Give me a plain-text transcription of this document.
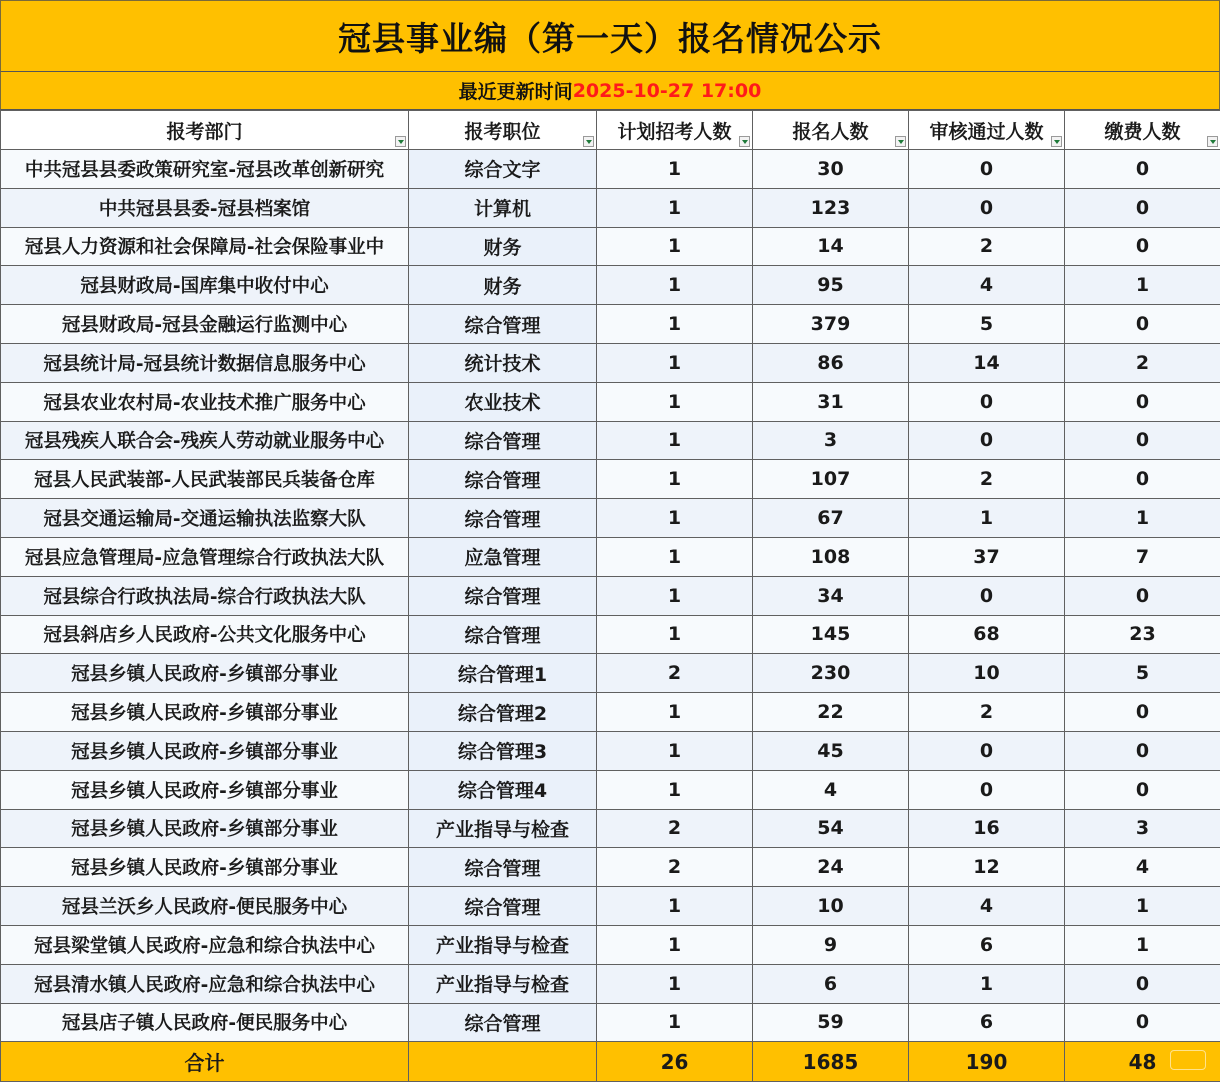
冠县事业编（第一天）报名情况公示
最近更新时间 2025-10-27 17:00
报考部门	报考职位	计划招考人数	报名人数	审核通过人数	缴费人数

中共冠县县委政策研究室-冠县改革创新研究	综合文字	1	30	0	0
中共冠县县委-冠县档案馆	计算机	1	123	0	0
冠县人力资源和社会保障局-社会保险事业中	财务	1	14	2	0
冠县财政局-国库集中收付中心	财务	1	95	4	1
冠县财政局-冠县金融运行监测中心	综合管理	1	379	5	0
冠县统计局-冠县统计数据信息服务中心	统计技术	1	86	14	2
冠县农业农村局-农业技术推广服务中心	农业技术	1	31	0	0
冠县残疾人联合会-残疾人劳动就业服务中心	综合管理	1	3	0	0
冠县人民武装部-人民武装部民兵装备仓库	综合管理	1	107	2	0
冠县交通运输局-交通运输执法监察大队	综合管理	1	67	1	1
冠县应急管理局-应急管理综合行政执法大队	应急管理	1	108	37	7
冠县综合行政执法局-综合行政执法大队	综合管理	1	34	0	0
冠县斜店乡人民政府-公共文化服务中心	综合管理	1	145	68	23
冠县乡镇人民政府-乡镇部分事业	综合管理1	2	230	10	5
冠县乡镇人民政府-乡镇部分事业	综合管理2	1	22	2	0
冠县乡镇人民政府-乡镇部分事业	综合管理3	1	45	0	0
冠县乡镇人民政府-乡镇部分事业	综合管理4	1	4	0	0
冠县乡镇人民政府-乡镇部分事业	产业指导与检查	2	54	16	3
冠县乡镇人民政府-乡镇部分事业	综合管理	2	24	12	4
冠县兰沃乡人民政府-便民服务中心	综合管理	1	10	4	1
冠县梁堂镇人民政府-应急和综合执法中心	产业指导与检查	1	9	6	1
冠县清水镇人民政府-应急和综合执法中心	产业指导与检查	1	6	1	0
冠县店子镇人民政府-便民服务中心	综合管理	1	59	6	0
合计		26	1685	190	48
